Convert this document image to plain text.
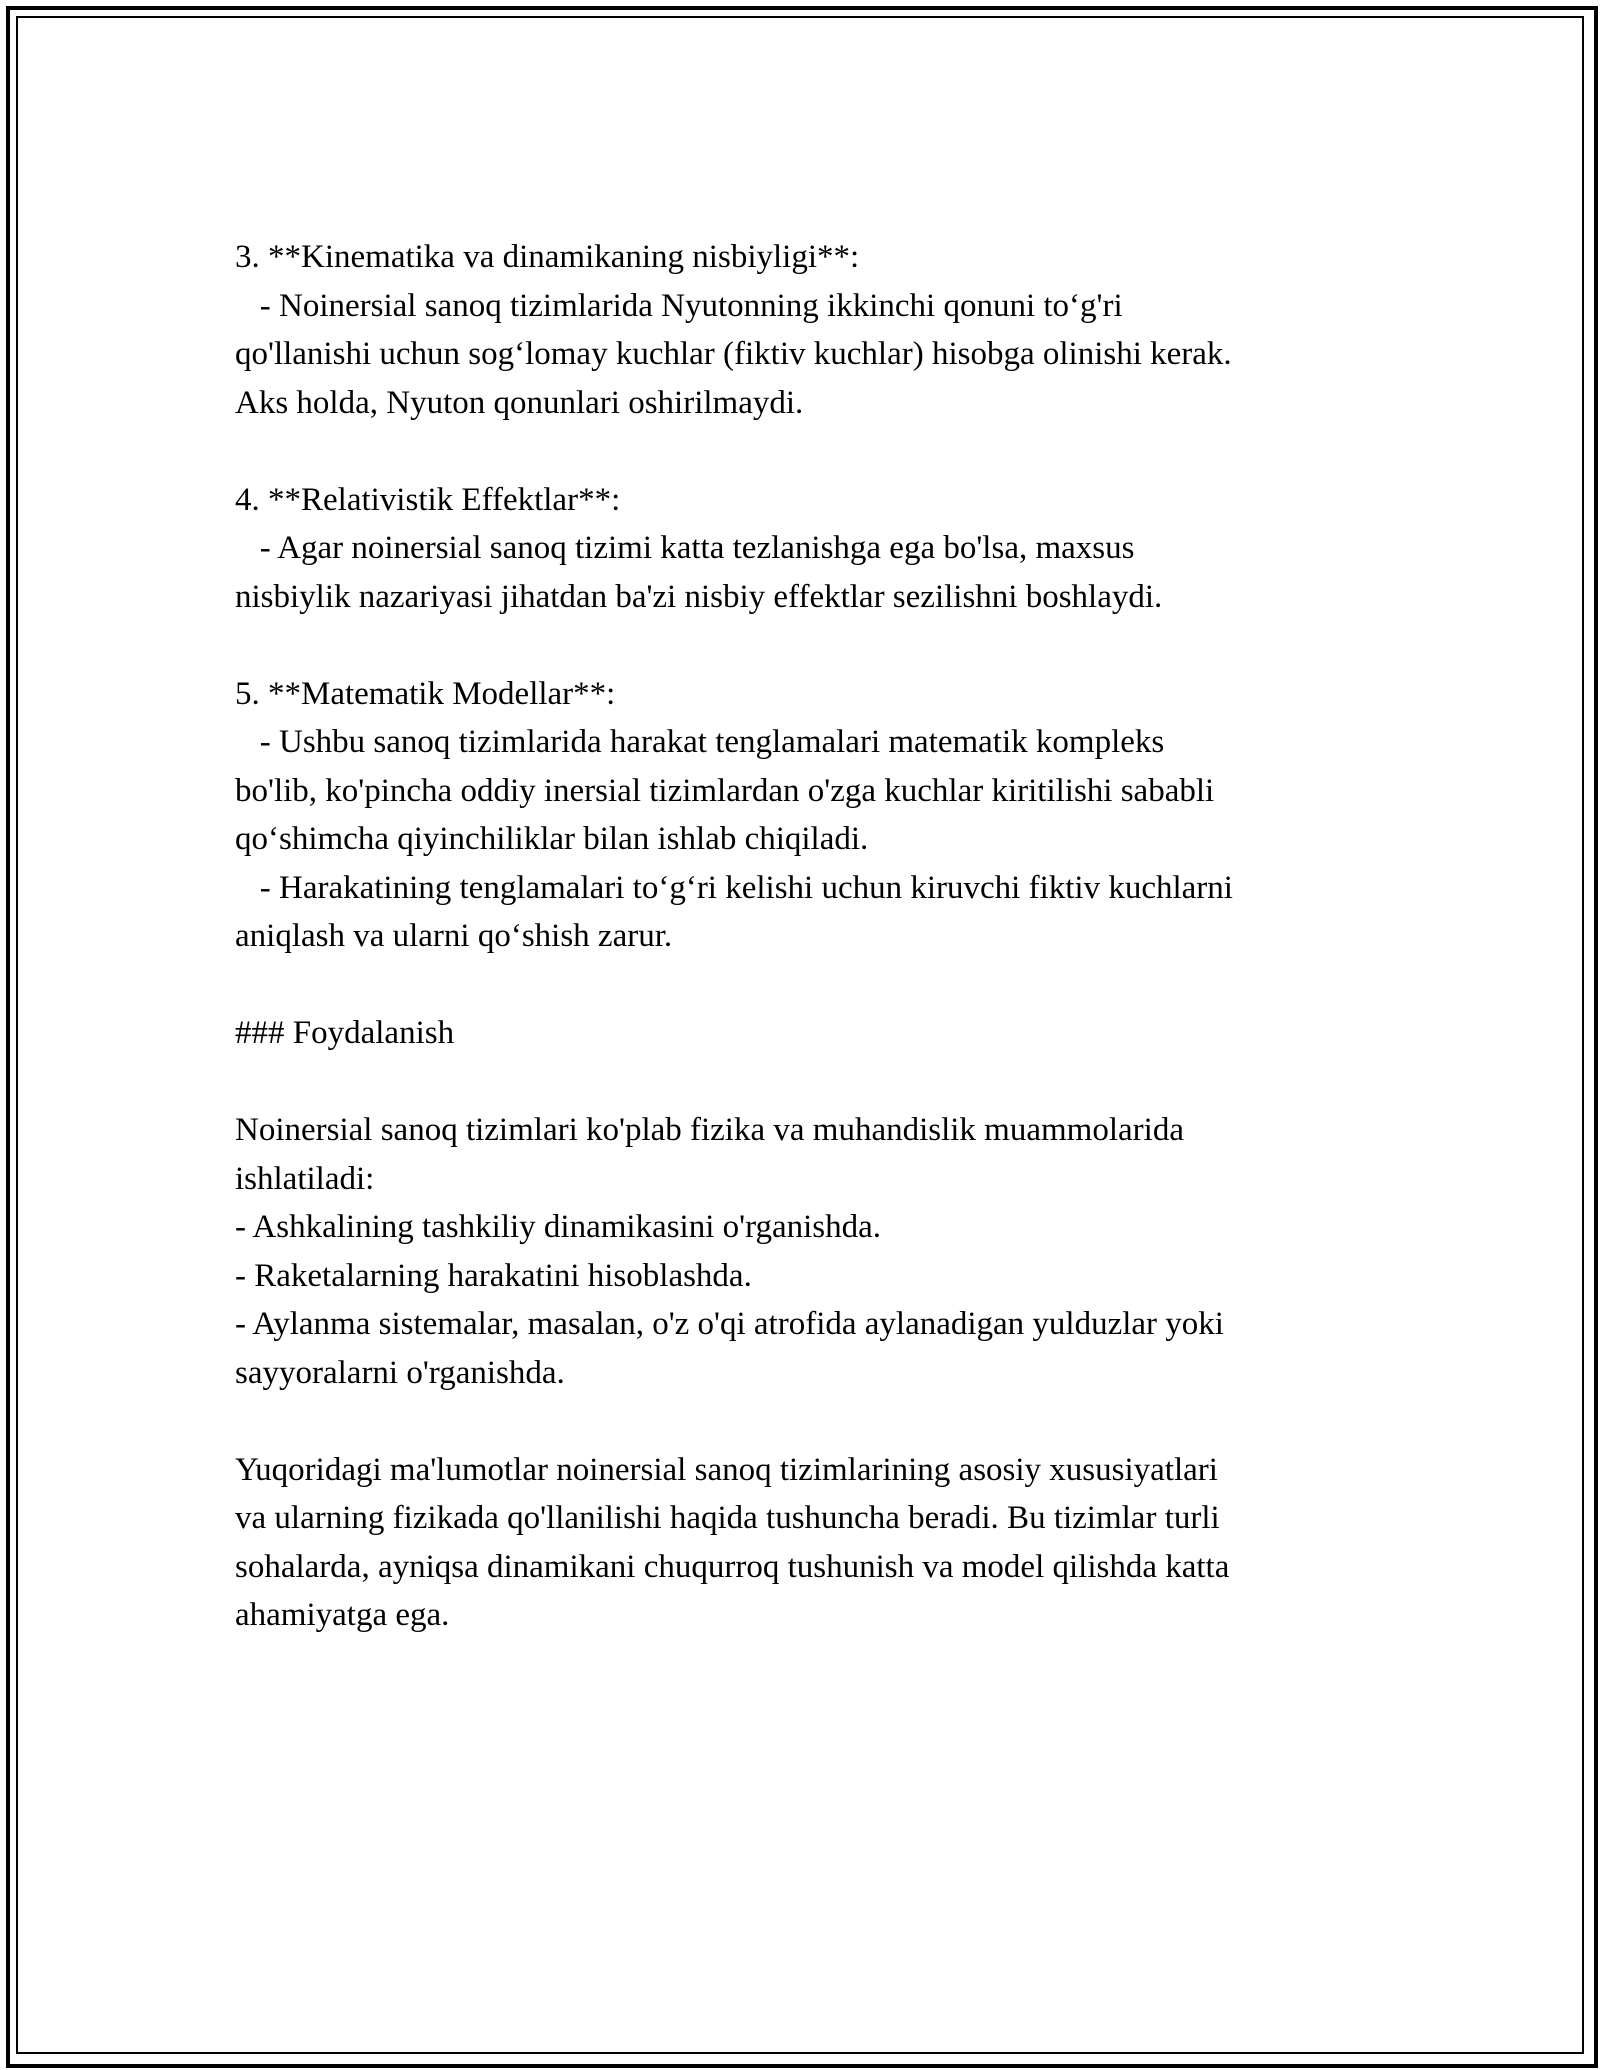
3. **Kinematika va dinamikaning nisbiyligi**:
- Noinersial sanoq tizimlarida Nyutonning ikkinchi qonuni to‘g'ri
qo'llanishi uchun sog‘lomay kuchlar (fiktiv kuchlar) hisobga olinishi kerak.
Aks holda, Nyuton qonunlari oshirilmaydi.
4. **Relativistik Effektlar**:
- Agar noinersial sanoq tizimi katta tezlanishga ega bo'lsa, maxsus
nisbiylik nazariyasi jihatdan ba'zi nisbiy effektlar sezilishni boshlaydi.
5. **Matematik Modellar**:
- Ushbu sanoq tizimlarida harakat tenglamalari matematik kompleks
bo'lib, ko'pincha oddiy inersial tizimlardan o'zga kuchlar kiritilishi sababli
qo‘shimcha qiyinchiliklar bilan ishlab chiqiladi.
- Harakatining tenglamalari to‘g‘ri kelishi uchun kiruvchi fiktiv kuchlarni
aniqlash va ularni qo‘shish zarur.
### Foydalanish
Noinersial sanoq tizimlari ko'plab fizika va muhandislik muammolarida
ishlatiladi:
- Ashkalining tashkiliy dinamikasini o'rganishda.
- Raketalarning harakatini hisoblashda.
- Aylanma sistemalar, masalan, o'z o'qi atrofida aylanadigan yulduzlar yoki
sayyoralarni o'rganishda.
Yuqoridagi ma'lumotlar noinersial sanoq tizimlarining asosiy xususiyatlari
va ularning fizikada qo'llanilishi haqida tushuncha beradi. Bu tizimlar turli
sohalarda, ayniqsa dinamikani chuqurroq tushunish va model qilishda katta
ahamiyatga ega.
